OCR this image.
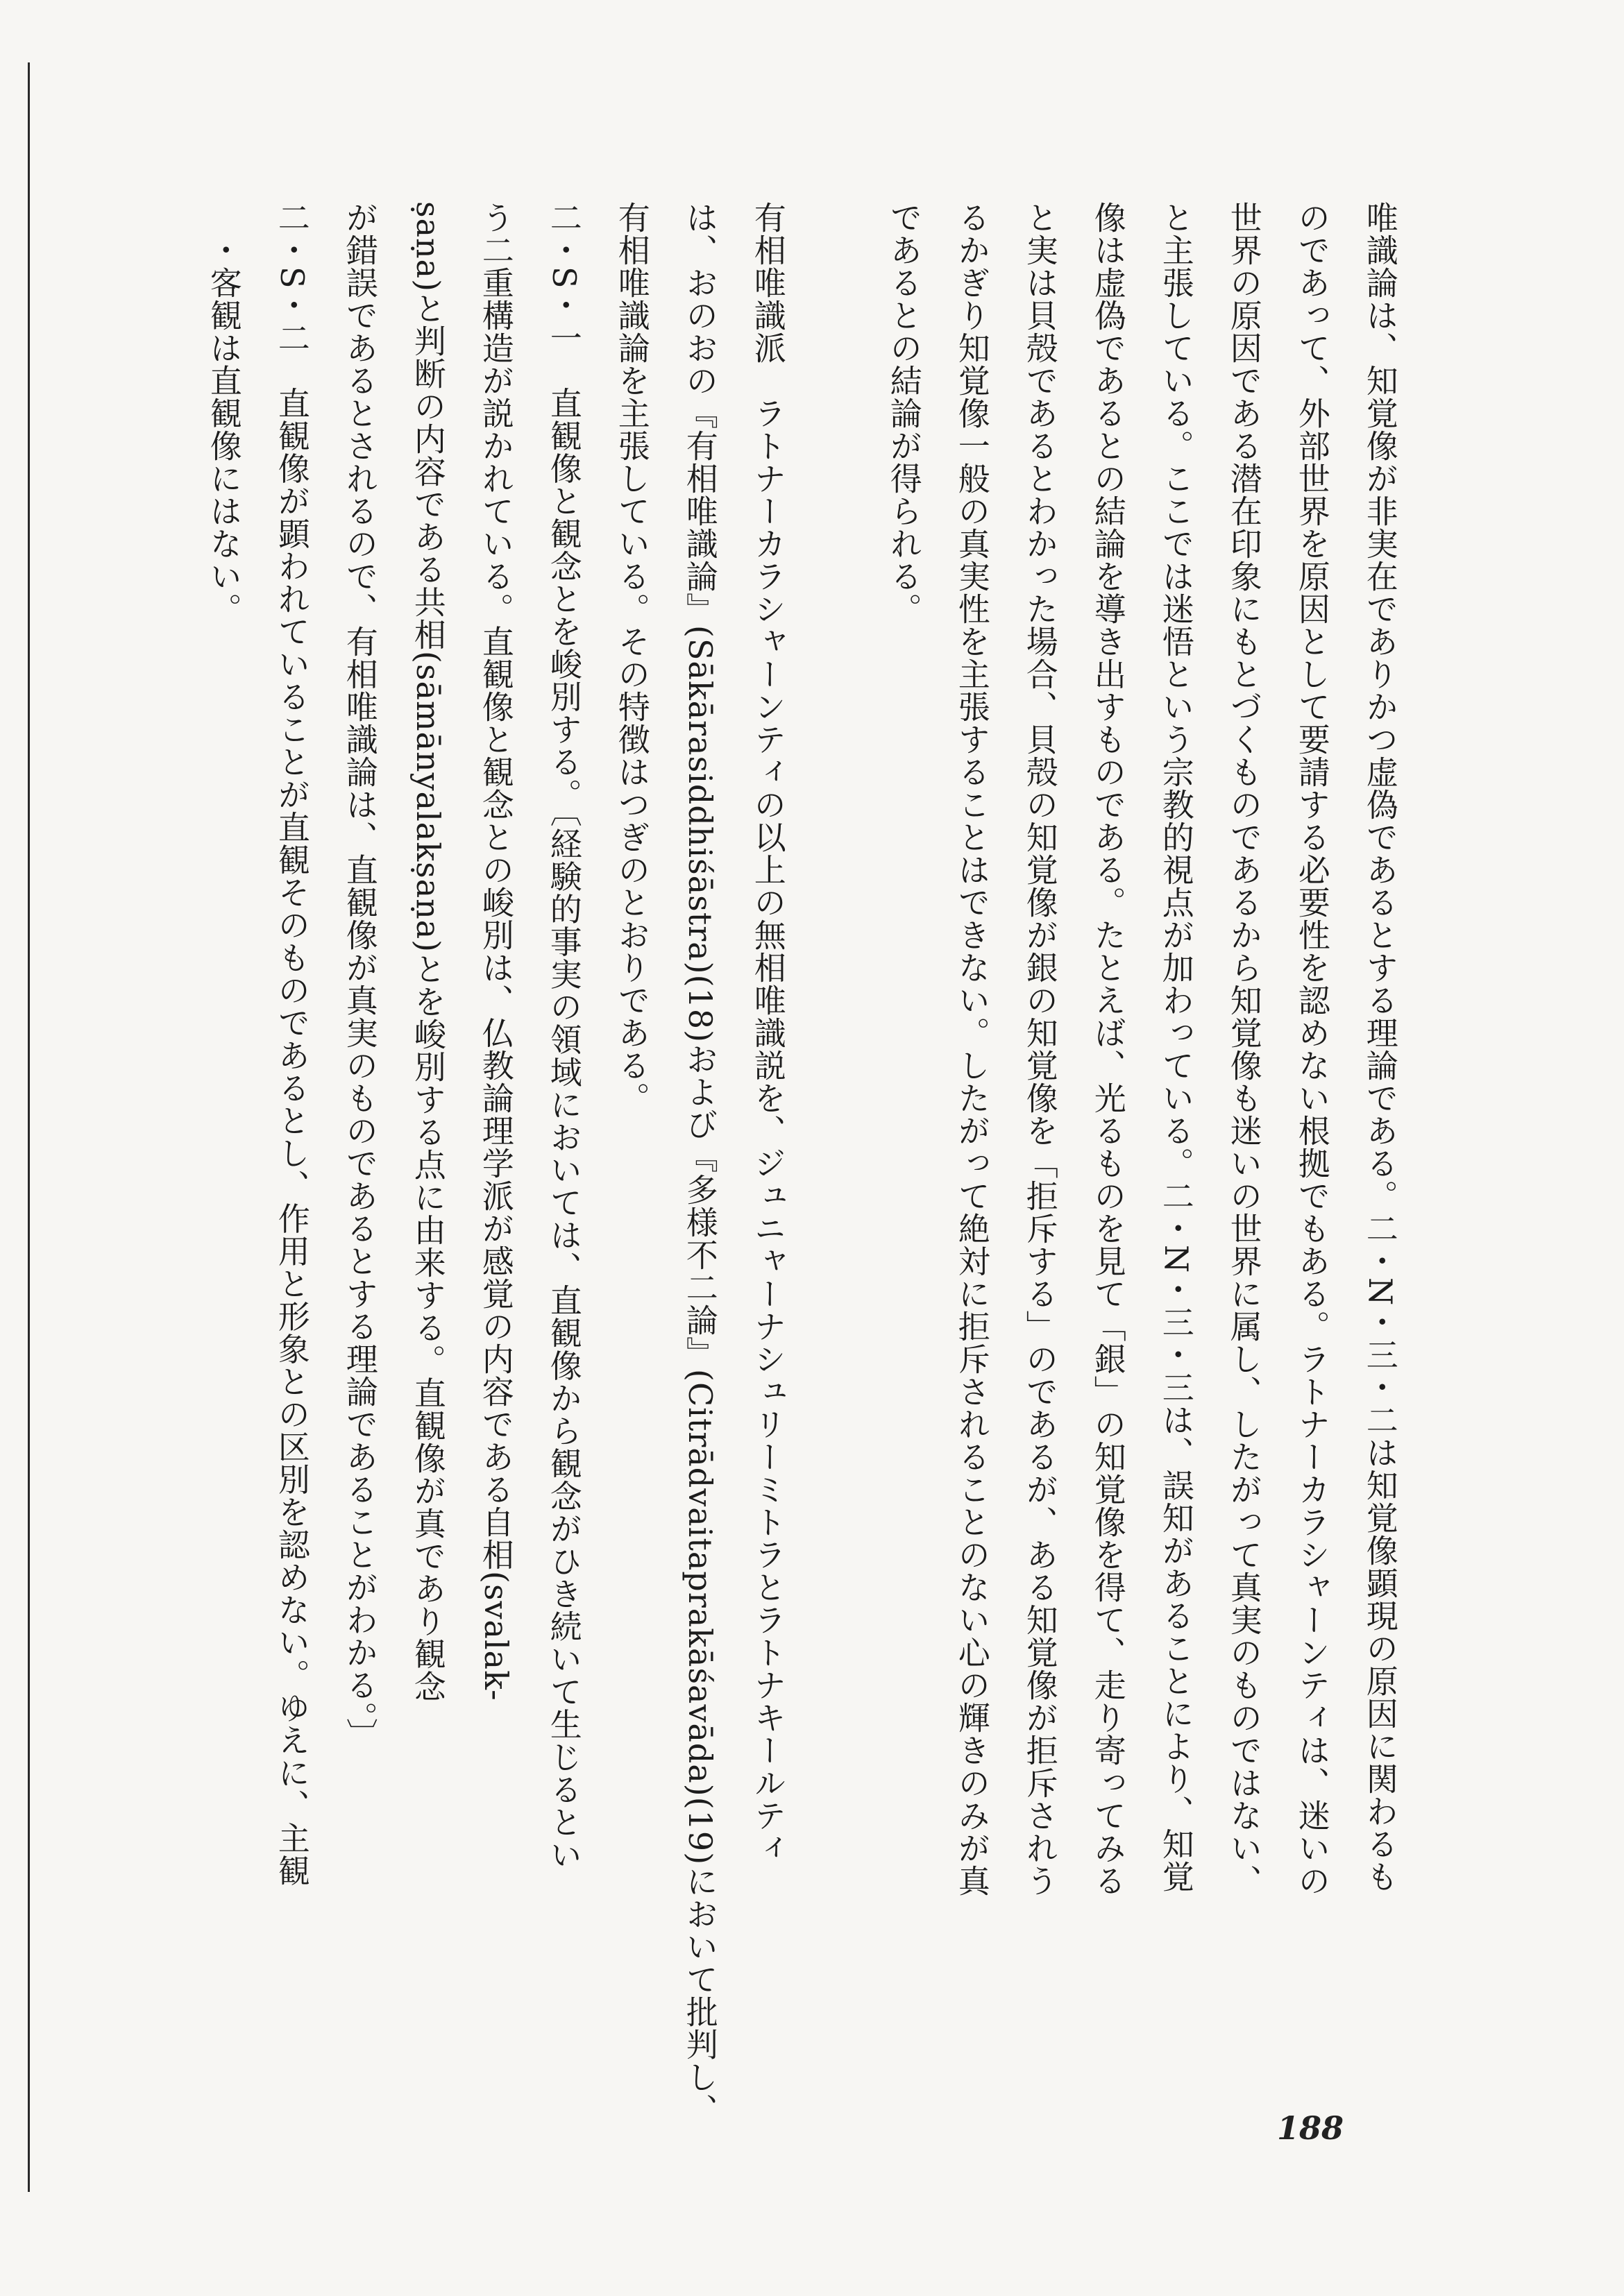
唯識論は、知覚像が非実在でありかつ虚偽であるとする理論である。二・N・三・二は知覚像顕現の原因に関わるも

のであって、外部世界を原因として要請する必要性を認めない根拠でもある。ラトナーカラシャーンティは、迷いの

世界の原因である潜在印象にもとづくものであるから知覚像も迷いの世界に属し、したがって真実のものではない、

と主張している。ここでは迷悟という宗教的視点が加わっている。二・N・三・三は、誤知があることにより、知覚

像は虚偽であるとの結論を導き出すものである。たとえば、光るものを見て「銀」の知覚像を得て、走り寄ってみる

と実は貝殻であるとわかった場合、貝殻の知覚像が銀の知覚像を「拒斥する」のであるが、ある知覚像が拒斥されう

るかぎり知覚像一般の真実性を主張することはできない。したがって絶対に拒斥されることのない心の輝きのみが真

であるとの結論が得られる。

有相唯識派　ラトナーカラシャーンティの以上の無相唯識説を、ジュニャーナシュリーミトラとラトナキールティ

は、おのおの『有相唯識論』(Sākārasiddhiśāstra)(18)および『多様不二論』(Citrādvaitaprakāśavāda)(19)において批判し、

有相唯識論を主張している。その特徴はつぎのとおりである。

二・S・一　直観像と観念とを峻別する。〔経験的事実の領域においては、直観像から観念がひき続いて生じるとい

う二重構造が説かれている。直観像と観念との峻別は、仏教論理学派が感覚の内容である自相(svalak-

ṣaṇa)と判断の内容である共相(sāmānyalakṣaṇa)とを峻別する点に由来する。直観像が真であり観念

が錯誤であるとされるので、有相唯識論は、直観像が真実のものであるとする理論であることがわかる。〕

二・S・二　直観像が顕われていることが直観そのものであるとし、作用と形象との区別を認めない。ゆえに、主観

　・客観は直観像にはない。

188
